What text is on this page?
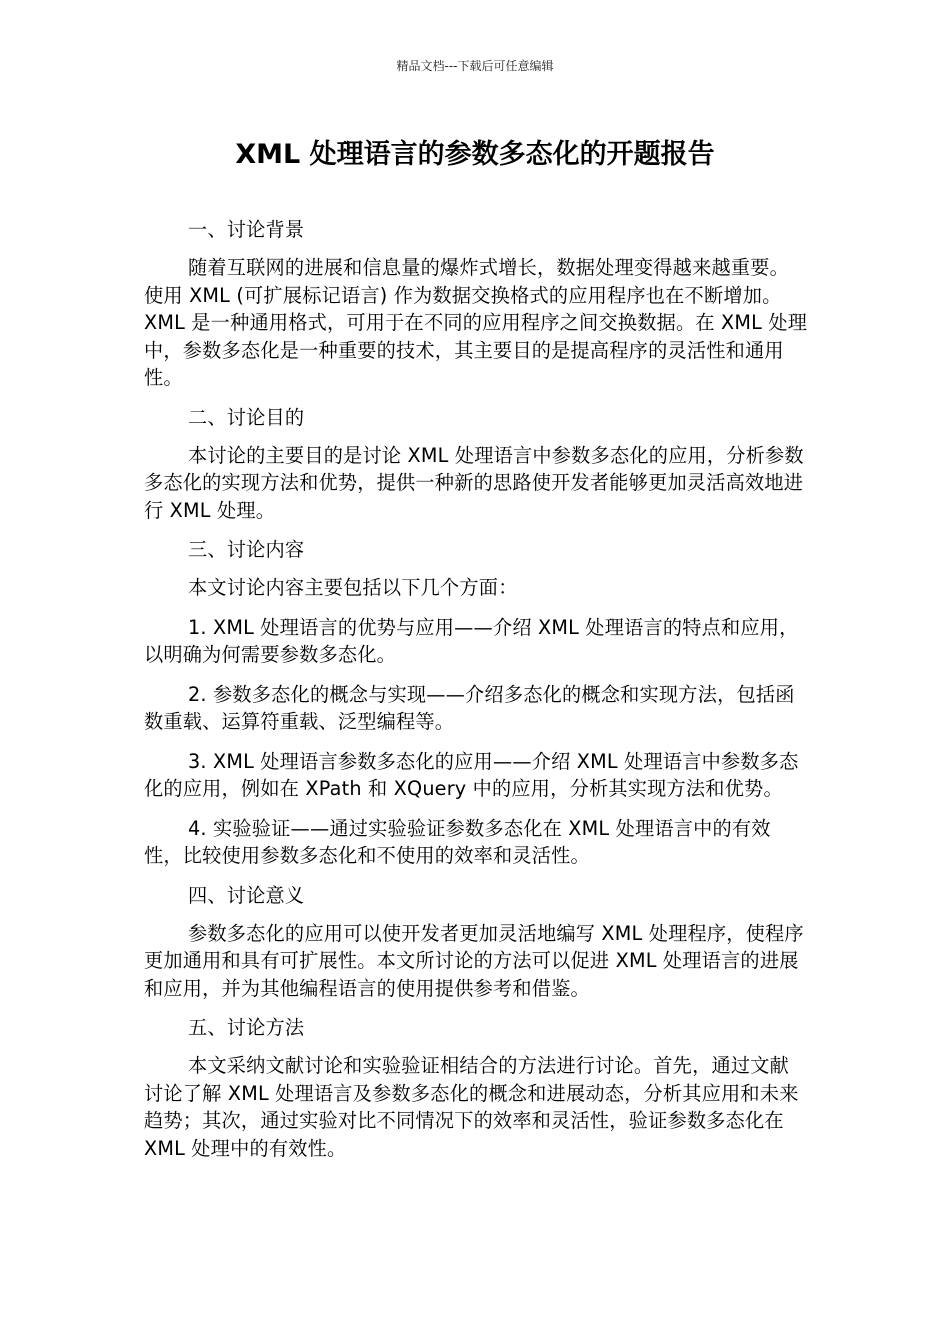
精品文档---下载后可任意编辑
XML 处理语言的参数多态化的开题报告

一、讨论背景

随着互联网的进展和信息量的爆炸式增长，数据处理变得越来越重要。使用 XML (可扩展标记语言) 作为数据交换格式的应用程序也在不断增加。XML 是一种通用格式，可用于在不同的应用程序之间交换数据。在 XML 处理中，参数多态化是一种重要的技术，其主要目的是提高程序的灵活性和通用性。

二、讨论目的

本讨论的主要目的是讨论 XML 处理语言中参数多态化的应用，分析参数多态化的实现方法和优势，提供一种新的思路使开发者能够更加灵活高效地进行 XML 处理。

三、讨论内容

本文讨论内容主要包括以下几个方面：

1. XML 处理语言的优势与应用——介绍 XML 处理语言的特点和应用，以明确为何需要参数多态化。

2. 参数多态化的概念与实现——介绍多态化的概念和实现方法，包括函数重载、运算符重载、泛型编程等。

3. XML 处理语言参数多态化的应用——介绍 XML 处理语言中参数多态化的应用，例如在 XPath 和 XQuery 中的应用，分析其实现方法和优势。

4. 实验验证——通过实验验证参数多态化在 XML 处理语言中的有效性，比较使用参数多态化和不使用的效率和灵活性。

四、讨论意义

参数多态化的应用可以使开发者更加灵活地编写 XML 处理程序，使程序更加通用和具有可扩展性。本文所讨论的方法可以促进 XML 处理语言的进展和应用，并为其他编程语言的使用提供参考和借鉴。

五、讨论方法

本文采纳文献讨论和实验验证相结合的方法进行讨论。首先，通过文献讨论了解 XML 处理语言及参数多态化的概念和进展动态，分析其应用和未来趋势；其次，通过实验对比不同情况下的效率和灵活性，验证参数多态化在 XML 处理中的有效性。
